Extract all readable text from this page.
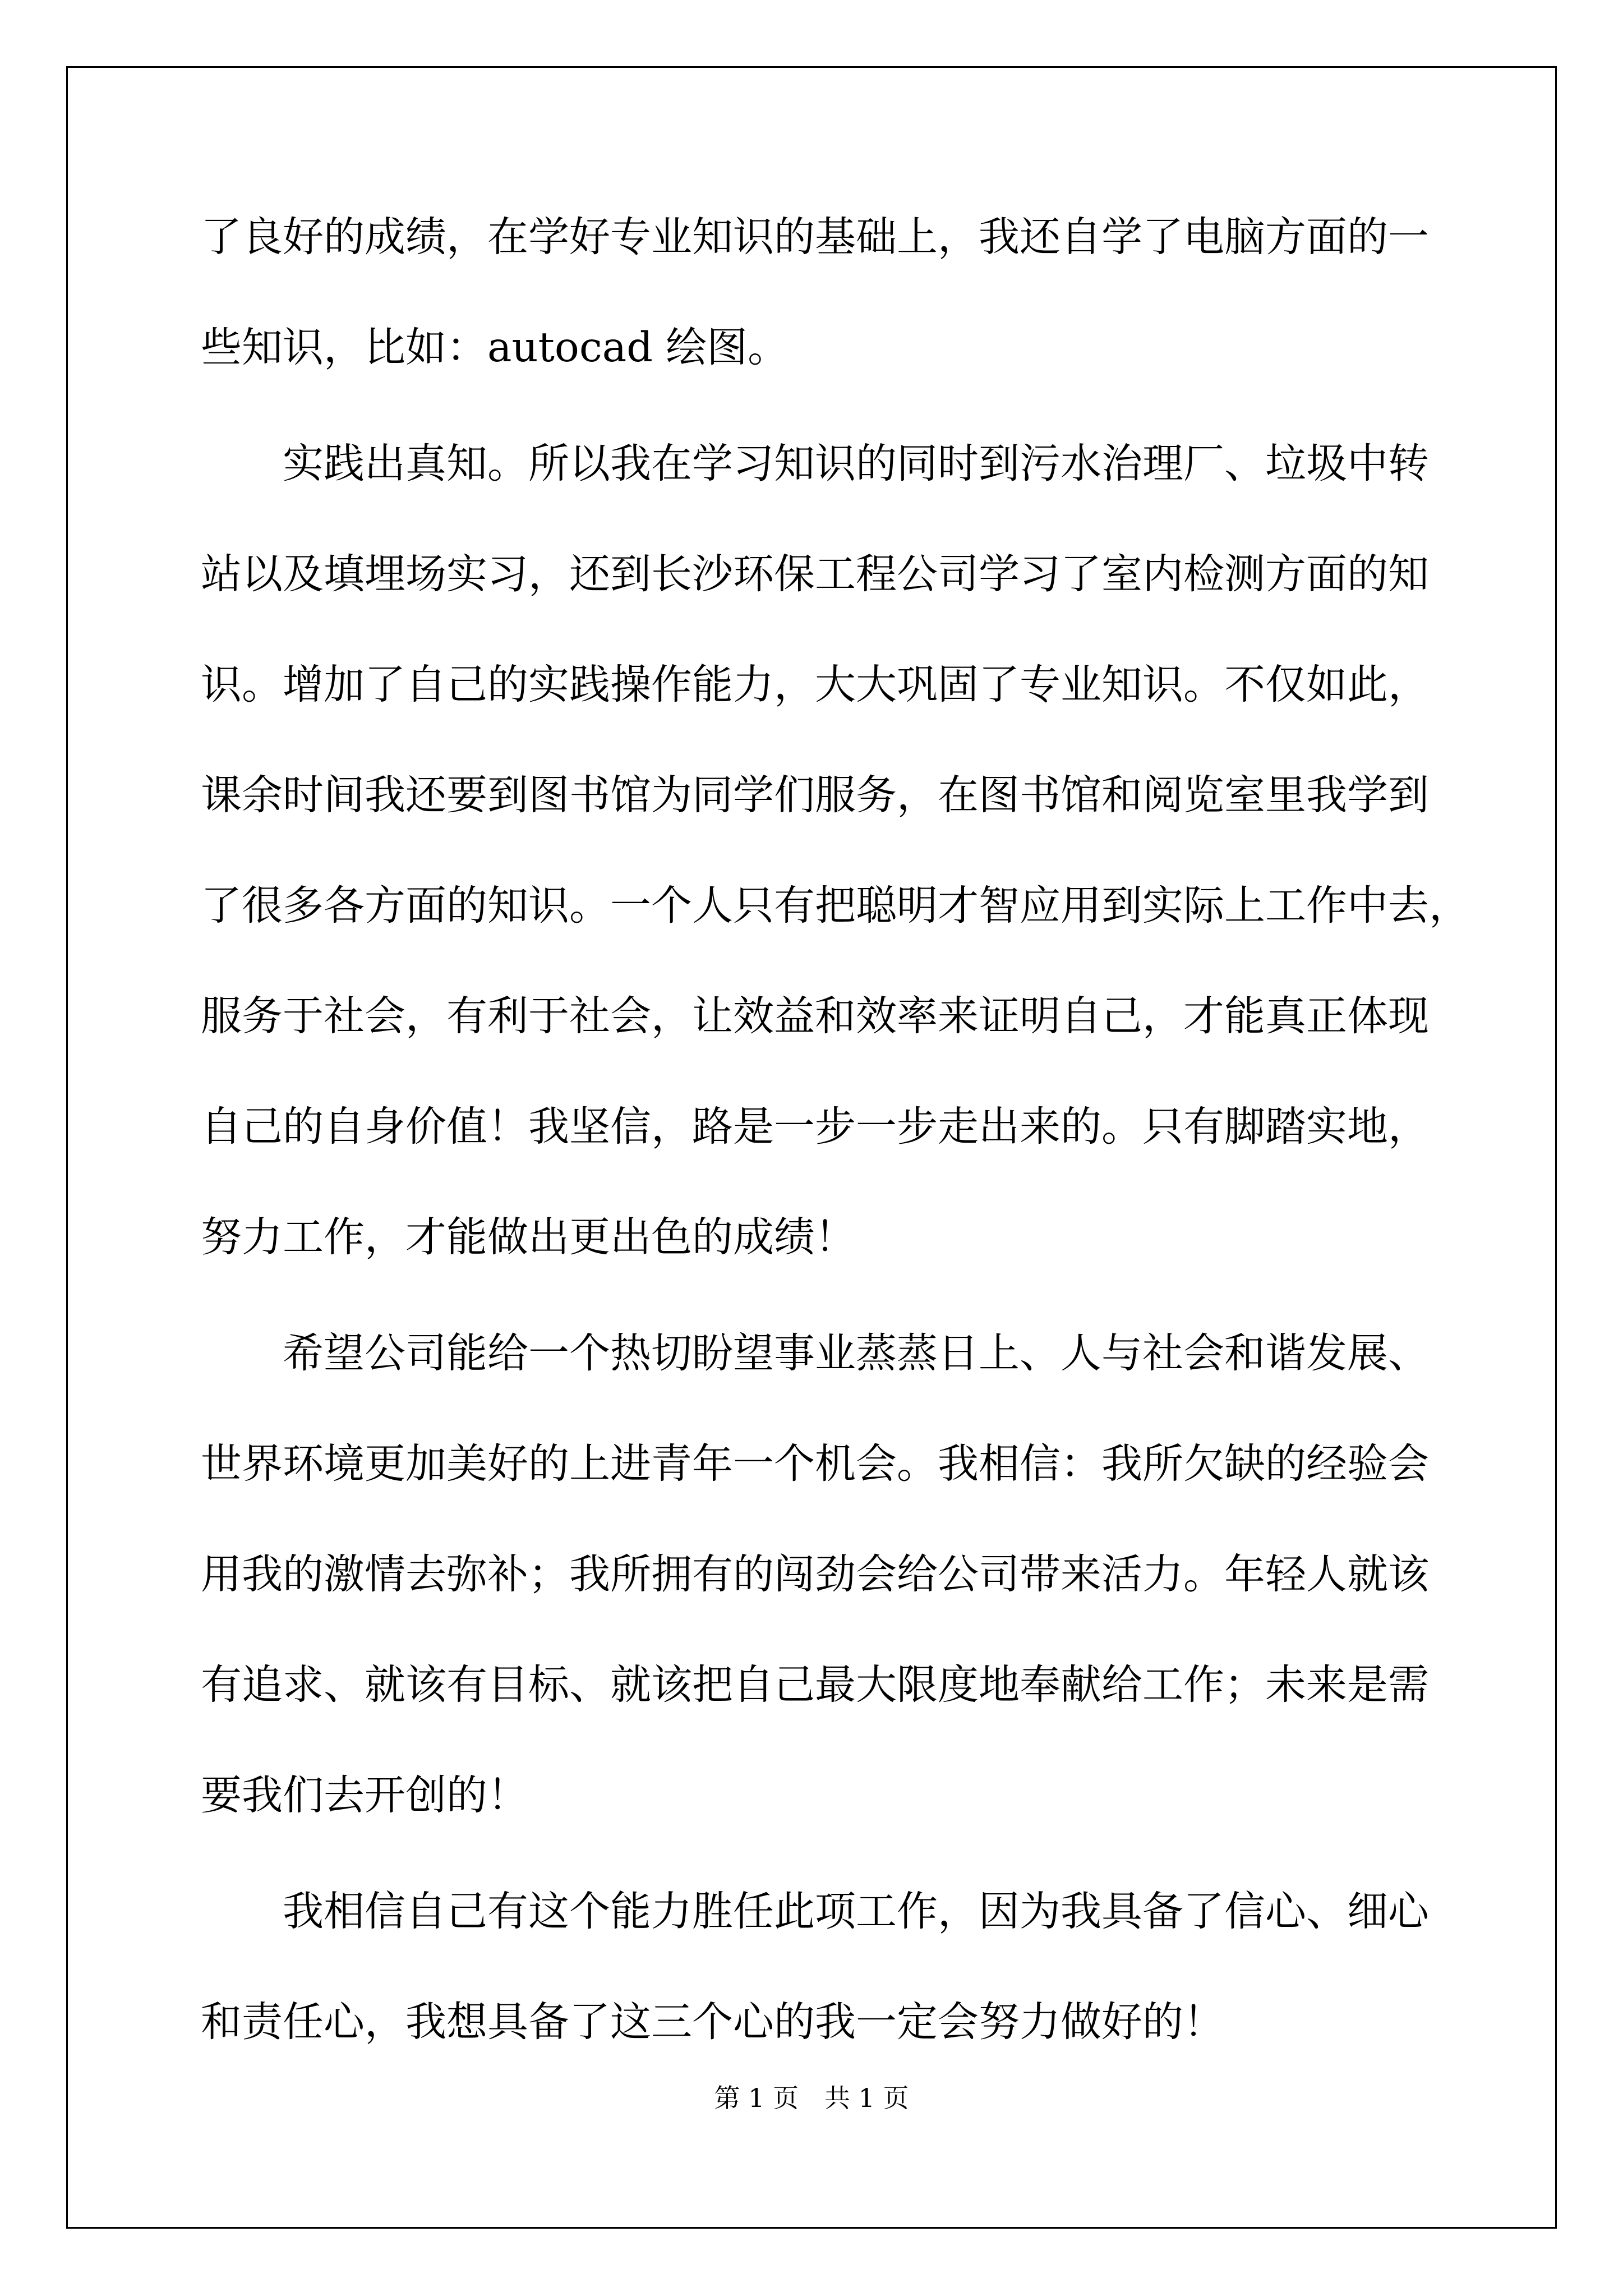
了良好的成绩，在学好专业知识的基础上，我还自学了电脑方面的一
些知识，比如：autocad 绘图。
实践出真知。所以我在学习知识的同时到污水治理厂、垃圾中转
站以及填埋场实习，还到长沙环保工程公司学习了室内检测方面的知
识。增加了自己的实践操作能力，大大巩固了专业知识。不仅如此，
课余时间我还要到图书馆为同学们服务，在图书馆和阅览室里我学到
了很多各方面的知识。一个人只有把聪明才智应用到实际上工作中去，
服务于社会，有利于社会，让效益和效率来证明自己，才能真正体现
自己的自身价值！我坚信，路是一步一步走出来的。只有脚踏实地，
努力工作，才能做出更出色的成绩！
希望公司能给一个热切盼望事业蒸蒸日上、人与社会和谐发展、
世界环境更加美好的上进青年一个机会。我相信：我所欠缺的经验会
用我的激情去弥补；我所拥有的闯劲会给公司带来活力。年轻人就该
有追求、就该有目标、就该把自己最大限度地奉献给工作；未来是需
要我们去开创的！
我相信自己有这个能力胜任此项工作，因为我具备了信心、细心
和责任心，我想具备了这三个心的我一定会努力做好的！
第 1 页　共 1 页
